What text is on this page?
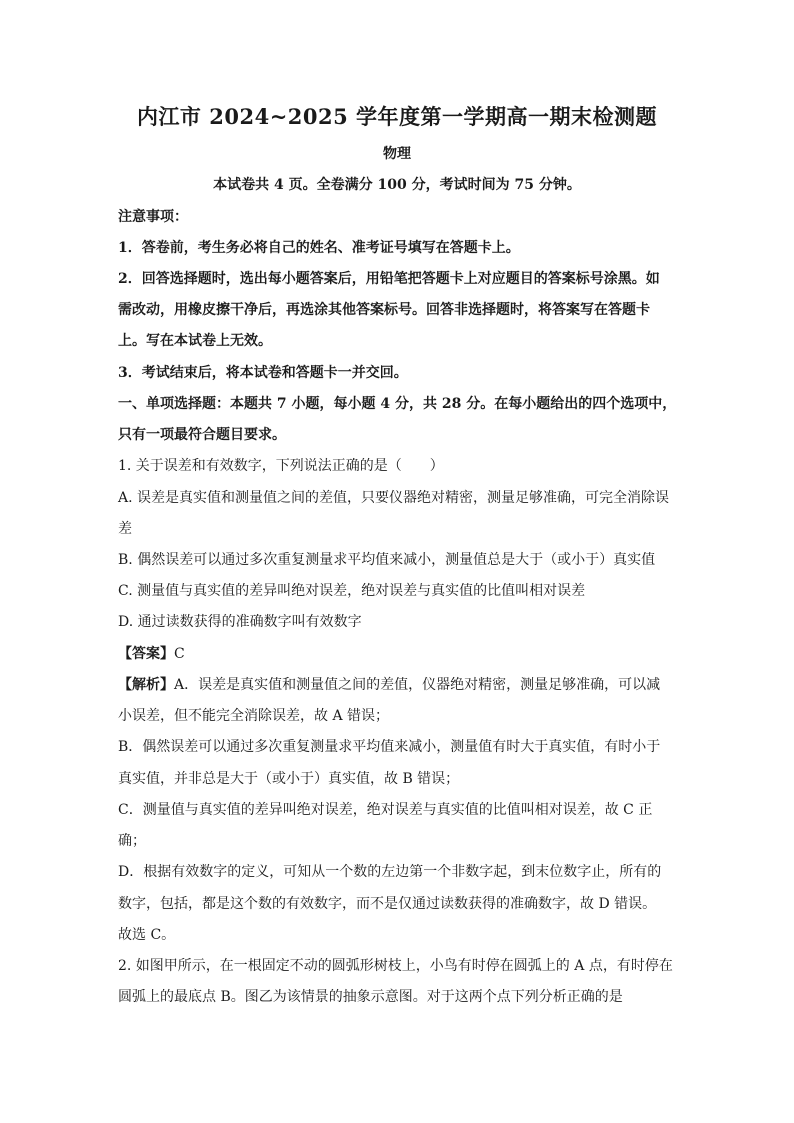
内江市 2024~2025 学年度第一学期高一期末检测题
物理
本试卷共 4 页。全卷满分 100 分，考试时间为 75 分钟。
注意事项：
1．答卷前，考生务必将自己的姓名、准考证号填写在答题卡上。
2．回答选择题时，选出每小题答案后，用铅笔把答题卡上对应题目的答案标号涂黑。如
需改动，用橡皮擦干净后，再选涂其他答案标号。回答非选择题时，将答案写在答题卡
上。写在本试卷上无效。
3．考试结束后，将本试卷和答题卡一并交回。
一、单项选择题：本题共 7 小题，每小题 4 分，共 28 分。在每小题给出的四个选项中，
只有一项最符合题目要求。
1. 关于误差和有效数字，下列说法正确的是（　　）
A. 误差是真实值和测量值之间的差值，只要仪器绝对精密，测量足够准确，可完全消除误
差
B. 偶然误差可以通过多次重复测量求平均值来减小，测量值总是大于（或小于）真实值
C. 测量值与真实值的差异叫绝对误差，绝对误差与真实值的比值叫相对误差
D. 通过读数获得的准确数字叫有效数字
【答案】C
【解析】A．误差是真实值和测量值之间的差值，仪器绝对精密，测量足够准确，可以减
小误差，但不能完全消除误差，故 A 错误；
B．偶然误差可以通过多次重复测量求平均值来减小，测量值有时大于真实值，有时小于
真实值，并非总是大于（或小于）真实值，故 B 错误；
C．测量值与真实值的差异叫绝对误差，绝对误差与真实值的比值叫相对误差，故 C 正
确；
D．根据有效数字的定义，可知从一个数的左边第一个非数字起，到末位数字止，所有的
数字，包括，都是这个数的有效数字，而不是仅通过读数获得的准确数字，故 D 错误。
故选 C。
2. 如图甲所示，在一根固定不动的圆弧形树枝上，小鸟有时停在圆弧上的 A 点，有时停在
圆弧上的最底点 B。图乙为该情景的抽象示意图。对于这两个点下列分析正确的是
